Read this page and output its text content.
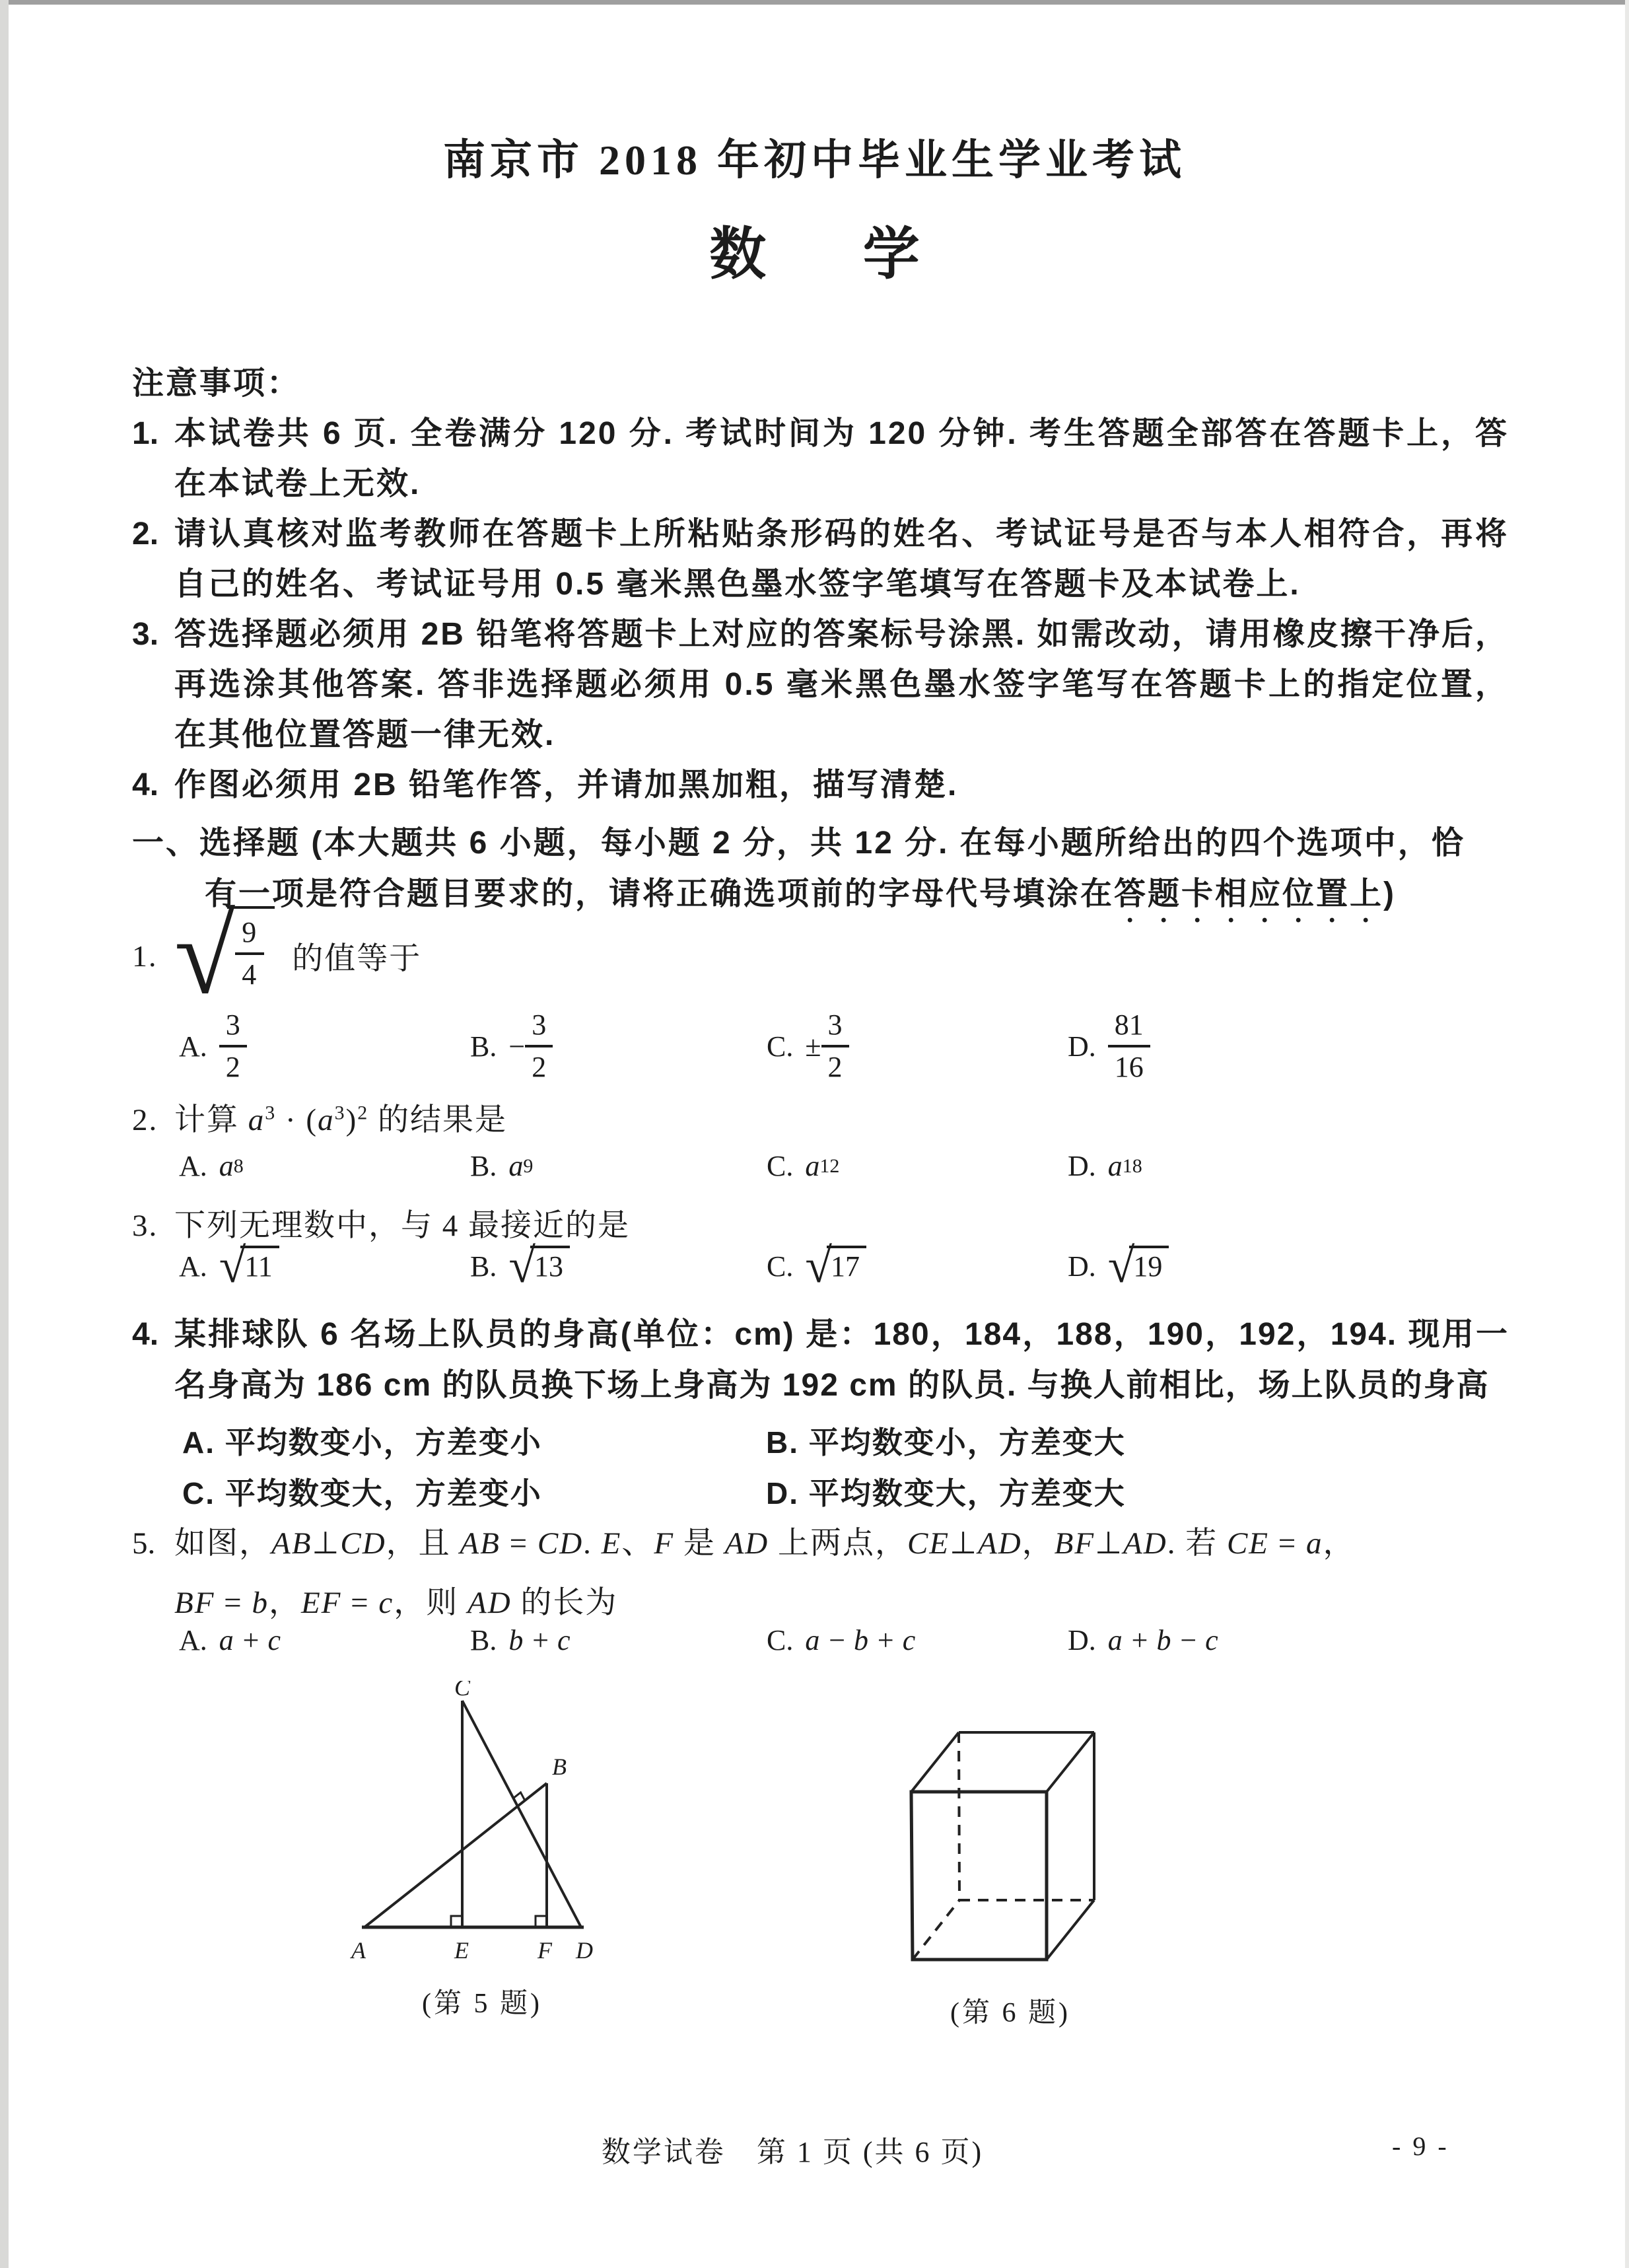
南京市 2018 年初中毕业生学业考试
数 学
注意事项：
1. 本试卷共 6 页. 全卷满分 120 分. 考试时间为 120 分钟. 考生答题全部答在答题卡上，答在本试卷上无效.
2. 请认真核对监考教师在答题卡上所粘贴条形码的姓名、考试证号是否与本人相符合，再将自己的姓名、考试证号用 0.5 毫米黑色墨水签字笔填写在答题卡及本试卷上.
3. 答选择题必须用 2B 铅笔将答题卡上对应的答案标号涂黑. 如需改动，请用橡皮擦干净后，再选涂其他答案. 答非选择题必须用 0.5 毫米黑色墨水签字笔写在答题卡上的指定位置，在其他位置答题一律无效.
4. 作图必须用 2B 铅笔作答，并请加黑加粗，描写清楚.
一、选择题 (本大题共 6 小题，每小题 2 分，共 12 分. 在每小题所给出的四个选项中，恰
有一项是符合题目要求的，请将正确选项前的字母代号填涂在答题卡相应位置上)
1. √
$\frac{9}{4}$ 的值等于
A. $\frac{3}{2}$	B. − $\frac{3}{2}$	C. ± $\frac{3}{2}$	D. $\frac{81}{16}$
2. 计算 $a^3 \cdot (a^3)^2$ 的结果是
A. a 8	B. a 9	C. a 12	D. a 18
3. 下列无理数中，与 4 最接近的是
A. √
11	B. √
13	C. √
17	D. √
19
4. 某排球队 6 名场上队员的身高(单位：cm) 是：180，184，188，190，192，194. 现用一名身高为 186 cm 的队员换下场上身高为 192 cm 的队员. 与换人前相比，场上队员的身高
A. 平均数变小，方差变小	B. 平均数变小，方差变大
C. 平均数变大，方差变小	D. 平均数变大，方差变大
5. 如图，AB⊥CD，且 AB = CD. E、F 是 AD 上两点，CE⊥AD，BF⊥AD. 若 CE = a，
BF = b，EF = c，则 AD 的长为
A. a + c	B. b + c	C. a − b + c	D. a + b − c
C
B
A	E	F D
(第 5 题)	(第 6 题)
数学试卷　第 1 页 (共 6 页)	- 9 -
